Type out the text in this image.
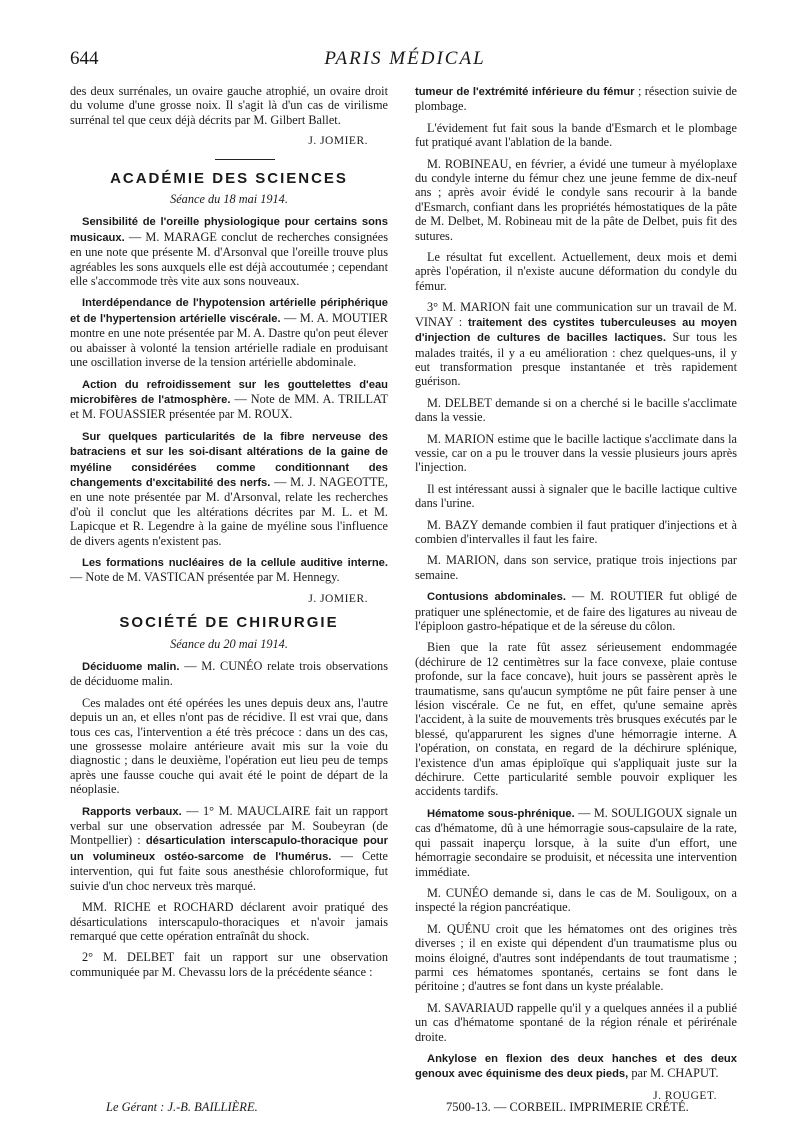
644	PARIS MÉDICAL

des deux surrénales, un ovaire gauche atrophié, un ovaire droit du volume d'une grosse noix. Il s'agit là d'un cas de virilisme surrénal tel que ceux déjà décrits par M. Gilbert Ballet.

J. JOMIER.
ACADÉMIE DES SCIENCES
Séance du 18 mai 1914.

Sensibilité de l'oreille physiologique pour certains sons musicaux. — M. MARAGE conclut de recherches consignées en une note que présente M. d'Arsonval que l'oreille trouve plus agréables les sons auxquels elle est déjà accoutumée ; cependant elle s'accommode très vite aux sons nouveaux.

Interdépendance de l'hypotension artérielle périphérique et de l'hypertension artérielle viscérale. — M. A. MOUTIER montre en une note présentée par M. A. Dastre qu'on peut élever ou abaisser à volonté la tension artérielle radiale en produisant une oscillation inverse de la tension artérielle abdominale.

Action du refroidissement sur les gouttelettes d'eau microbifères de l'atmosphère. — Note de MM. A. TRILLAT et M. FOUASSIER présentée par M. ROUX.

Sur quelques particularités de la fibre nerveuse des batraciens et sur les soi-disant altérations de la gaine de myéline considérées comme conditionnant des changements d'excitabilité des nerfs. — M. J. NAGEOTTE, en une note présentée par M. d'Arsonval, relate les recherches d'où il conclut que les altérations décrites par M. L. et M. Lapicque et R. Legendre à la gaine de myéline sous l'influence de divers agents n'existent pas.

Les formations nucléaires de la cellule auditive interne. — Note de M. VASTICAN présentée par M. Hennegy.

J. JOMIER.
SOCIÉTÉ DE CHIRURGIE
Séance du 20 mai 1914.

Déciduome malin. — M. CUNÉO relate trois observations de déciduome malin.

Ces malades ont été opérées les unes depuis deux ans, l'autre depuis un an, et elles n'ont pas de récidive. Il est vrai que, dans tous ces cas, l'intervention a été très précoce : dans un des cas, une grossesse molaire antérieure avait mis sur la voie du diagnostic ; dans le deuxième, l'opération eut lieu peu de temps après une fausse couche qui avait été le point de départ de la néoplasie.

Rapports verbaux. — 1° M. MAUCLAIRE fait un rapport verbal sur une observation adressée par M. Soubeyran (de Montpellier) : désarticulation interscapulo-thoracique pour un volumineux ostéo-sarcome de l'humérus. — Cette intervention, qui fut faite sous anesthésie chloroformique, fut suivie d'un choc nerveux très marqué.

MM. RICHE et ROCHARD déclarent avoir pratiqué des désarticulations interscapulo-thoraciques et n'avoir jamais remarqué que cette opération entraînât du shock.

2° M. DELBET fait un rapport sur une observation communiquée par M. Chevassu lors de la précédente séance :

tumeur de l'extrémité inférieure du fémur ; résection suivie de plombage.

L'évidement fut fait sous la bande d'Esmarch et le plombage fut pratiqué avant l'ablation de la bande.

M. ROBINEAU, en février, a évidé une tumeur à myéloplaxe du condyle interne du fémur chez une jeune femme de dix-neuf ans ; après avoir évidé le condyle sans recourir à la bande d'Esmarch, confiant dans les propriétés hémostatiques de la pâte de M. Delbet, M. Robineau mit de la pâte de Delbet, puis fit des sutures.

Le résultat fut excellent. Actuellement, deux mois et demi après l'opération, il n'existe aucune déformation du condyle du fémur.

3° M. MARION fait une communication sur un travail de M. VINAY : traitement des cystites tuberculeuses au moyen d'injection de cultures de bacilles lactiques. Sur tous les malades traités, il y a eu amélioration : chez quelques-uns, il y eut transformation presque instantanée et très rapidement guérison.

M. DELBET demande si on a cherché si le bacille s'acclimate dans la vessie.

M. MARION estime que le bacille lactique s'acclimate dans la vessie, car on a pu le trouver dans la vessie plusieurs jours après l'injection.

Il est intéressant aussi à signaler que le bacille lactique cultive dans l'urine.

M. BAZY demande combien il faut pratiquer d'injections et à combien d'intervalles il faut les faire.

M. MARION, dans son service, pratique trois injections par semaine.

Contusions abdominales. — M. ROUTIER fut obligé de pratiquer une splénectomie, et de faire des ligatures au niveau de l'épiploon gastro-hépatique et de la séreuse du côlon.

Bien que la rate fût assez sérieusement endommagée (déchirure de 12 centimètres sur la face convexe, plaie contuse profonde, sur la face concave), huit jours se passèrent après le traumatisme, sans qu'aucun symptôme ne pût faire penser à une lésion viscérale. Ce ne fut, en effet, qu'une semaine après l'accident, à la suite de mouvements très brusques exécutés par le blessé, qu'apparurent les signes d'une hémorragie interne. A l'opération, on constata, en regard de la déchirure splénique, l'existence d'un amas épiploïque qui s'appliquait juste sur la déchirure. Cette particularité semble pouvoir expliquer les accidents tardifs.

Hématome sous-phrénique. — M. SOULIGOUX signale un cas d'hématome, dû à une hémorragie sous-capsulaire de la rate, qui passait inaperçu lorsque, à la suite d'un effort, une hémorragie secondaire se produisit, et nécessita une intervention immédiate.

M. CUNÉO demande si, dans le cas de M. Souligoux, on a inspecté la région pancréatique.

M. QUÉNU croit que les hématomes ont des origines très diverses ; il en existe qui dépendent d'un traumatisme plus ou moins éloigné, d'autres sont indépendants de tout traumatisme ; parmi ces hématomes spontanés, certains se font dans le péritoine ; d'autres se font dans un kyste préalable.

M. SAVARIAUD rappelle qu'il y a quelques années il a publié un cas d'hématome spontané de la région rénale et périrénale droite.

Ankylose en flexion des deux hanches et des deux genoux avec équinisme des deux pieds, par M. CHAPUT.

J. ROUGET.
Le Gérant : J.-B. BAILLIÈRE.	7500-13. — CORBEIL. IMPRIMERIE CRÉTÉ.
